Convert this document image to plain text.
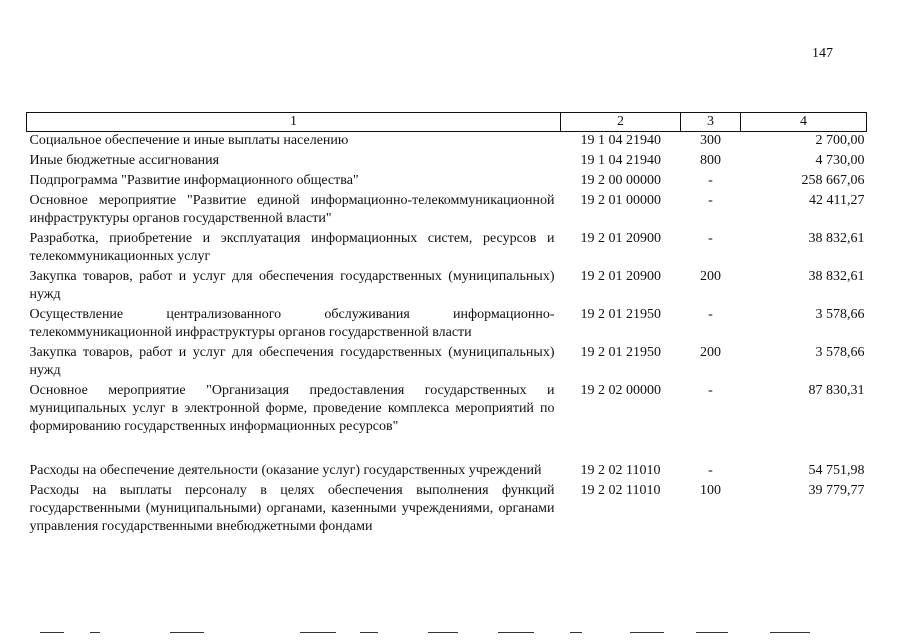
147
1	2	3	4
Социальное обеспечение и иные выплаты населению	19 1 04 21940	300	2 700,00
Иные бюджетные ассигнования	19 1 04 21940	800	4 730,00
Подпрограмма "Развитие информационного общества"	19 2 00 00000	-	258 667,06
Основное мероприятие "Развитие единой информационно-телекоммуникационной инфраструктуры органов государственной власти"	19 2 01 00000	-	42 411,27
Разработка, приобретение и эксплуатация информационных систем, ресурсов и телекоммуникационных услуг	19 2 01 20900	-	38 832,61
Закупка товаров, работ и услуг для обеспечения государственных (муниципальных) нужд	19 2 01 20900	200	38 832,61
Осуществление централизованного обслуживания информационно-телекоммуникационной инфраструктуры органов государственной власти	19 2 01 21950	-	3 578,66
Закупка товаров, работ и услуг для обеспечения государственных (муниципальных) нужд	19 2 01 21950	200	3 578,66
Основное мероприятие "Организация предоставления государственных и муниципальных услуг в электронной форме, проведение комплекса мероприятий по формированию государственных информационных ресурсов"	19 2 02 00000	-	87 830,31

Расходы на обеспечение деятельности (оказание услуг) государственных учреждений	19 2 02 11010	-	54 751,98
Расходы на выплаты персоналу в целях обеспечения выполнения функций государственными (муниципальными) органами, казенными учреждениями, органами управления государственными внебюджетными фондами	19 2 02 11010	100	39 779,77
